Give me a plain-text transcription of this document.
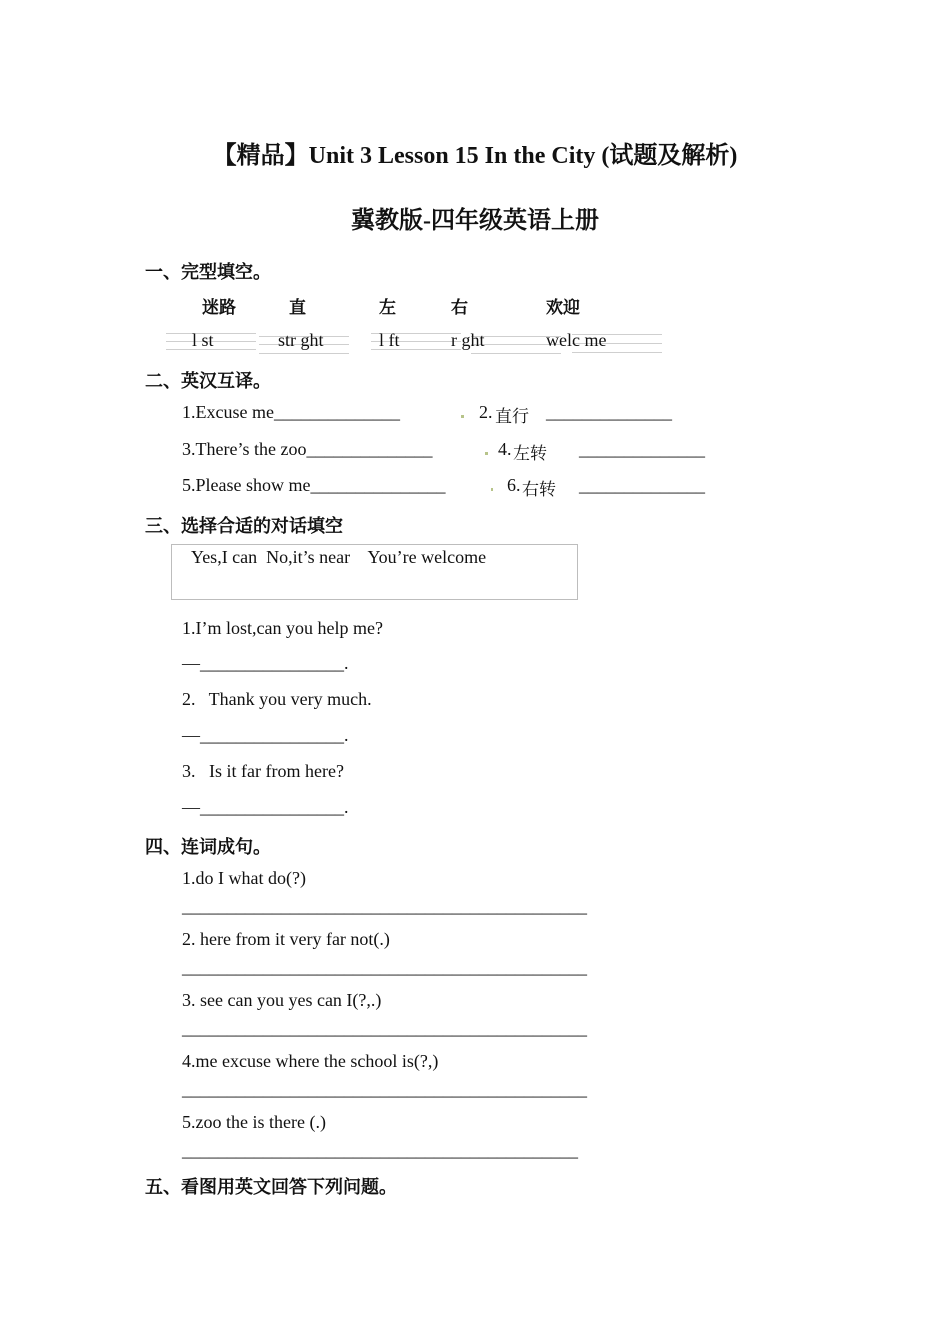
【精品】Unit 3 Lesson 15 In the City (试题及解析)
冀教版-四年级英语上册
一、完型填空。
迷路	直	左	右	欢迎
l st	str ght	l ft	r ght	welc me
二、英汉互译。
1.Excuse me______________	2. 直行 ______________
3.There’s the zoo______________	4. 左转 ______________
5.Please show me_______________	6. 右转 ______________
三、选择合适的对话填空
Yes,I can  No,it’s near    You’re welcome
1.I’m lost,can you help me?
—________________.
2.   Thank you very much.
—________________.
3.   Is it far from here?
—________________.
四、连词成句。
1.do I what do(?)
_____________________________________________
2. here from it very far not(.)
_____________________________________________
3. see can you yes can I(?,.)
_____________________________________________
4.me excuse where the school is(?,)
_____________________________________________
5.zoo the is there (.)
____________________________________________
五、看图用英文回答下列问题。
